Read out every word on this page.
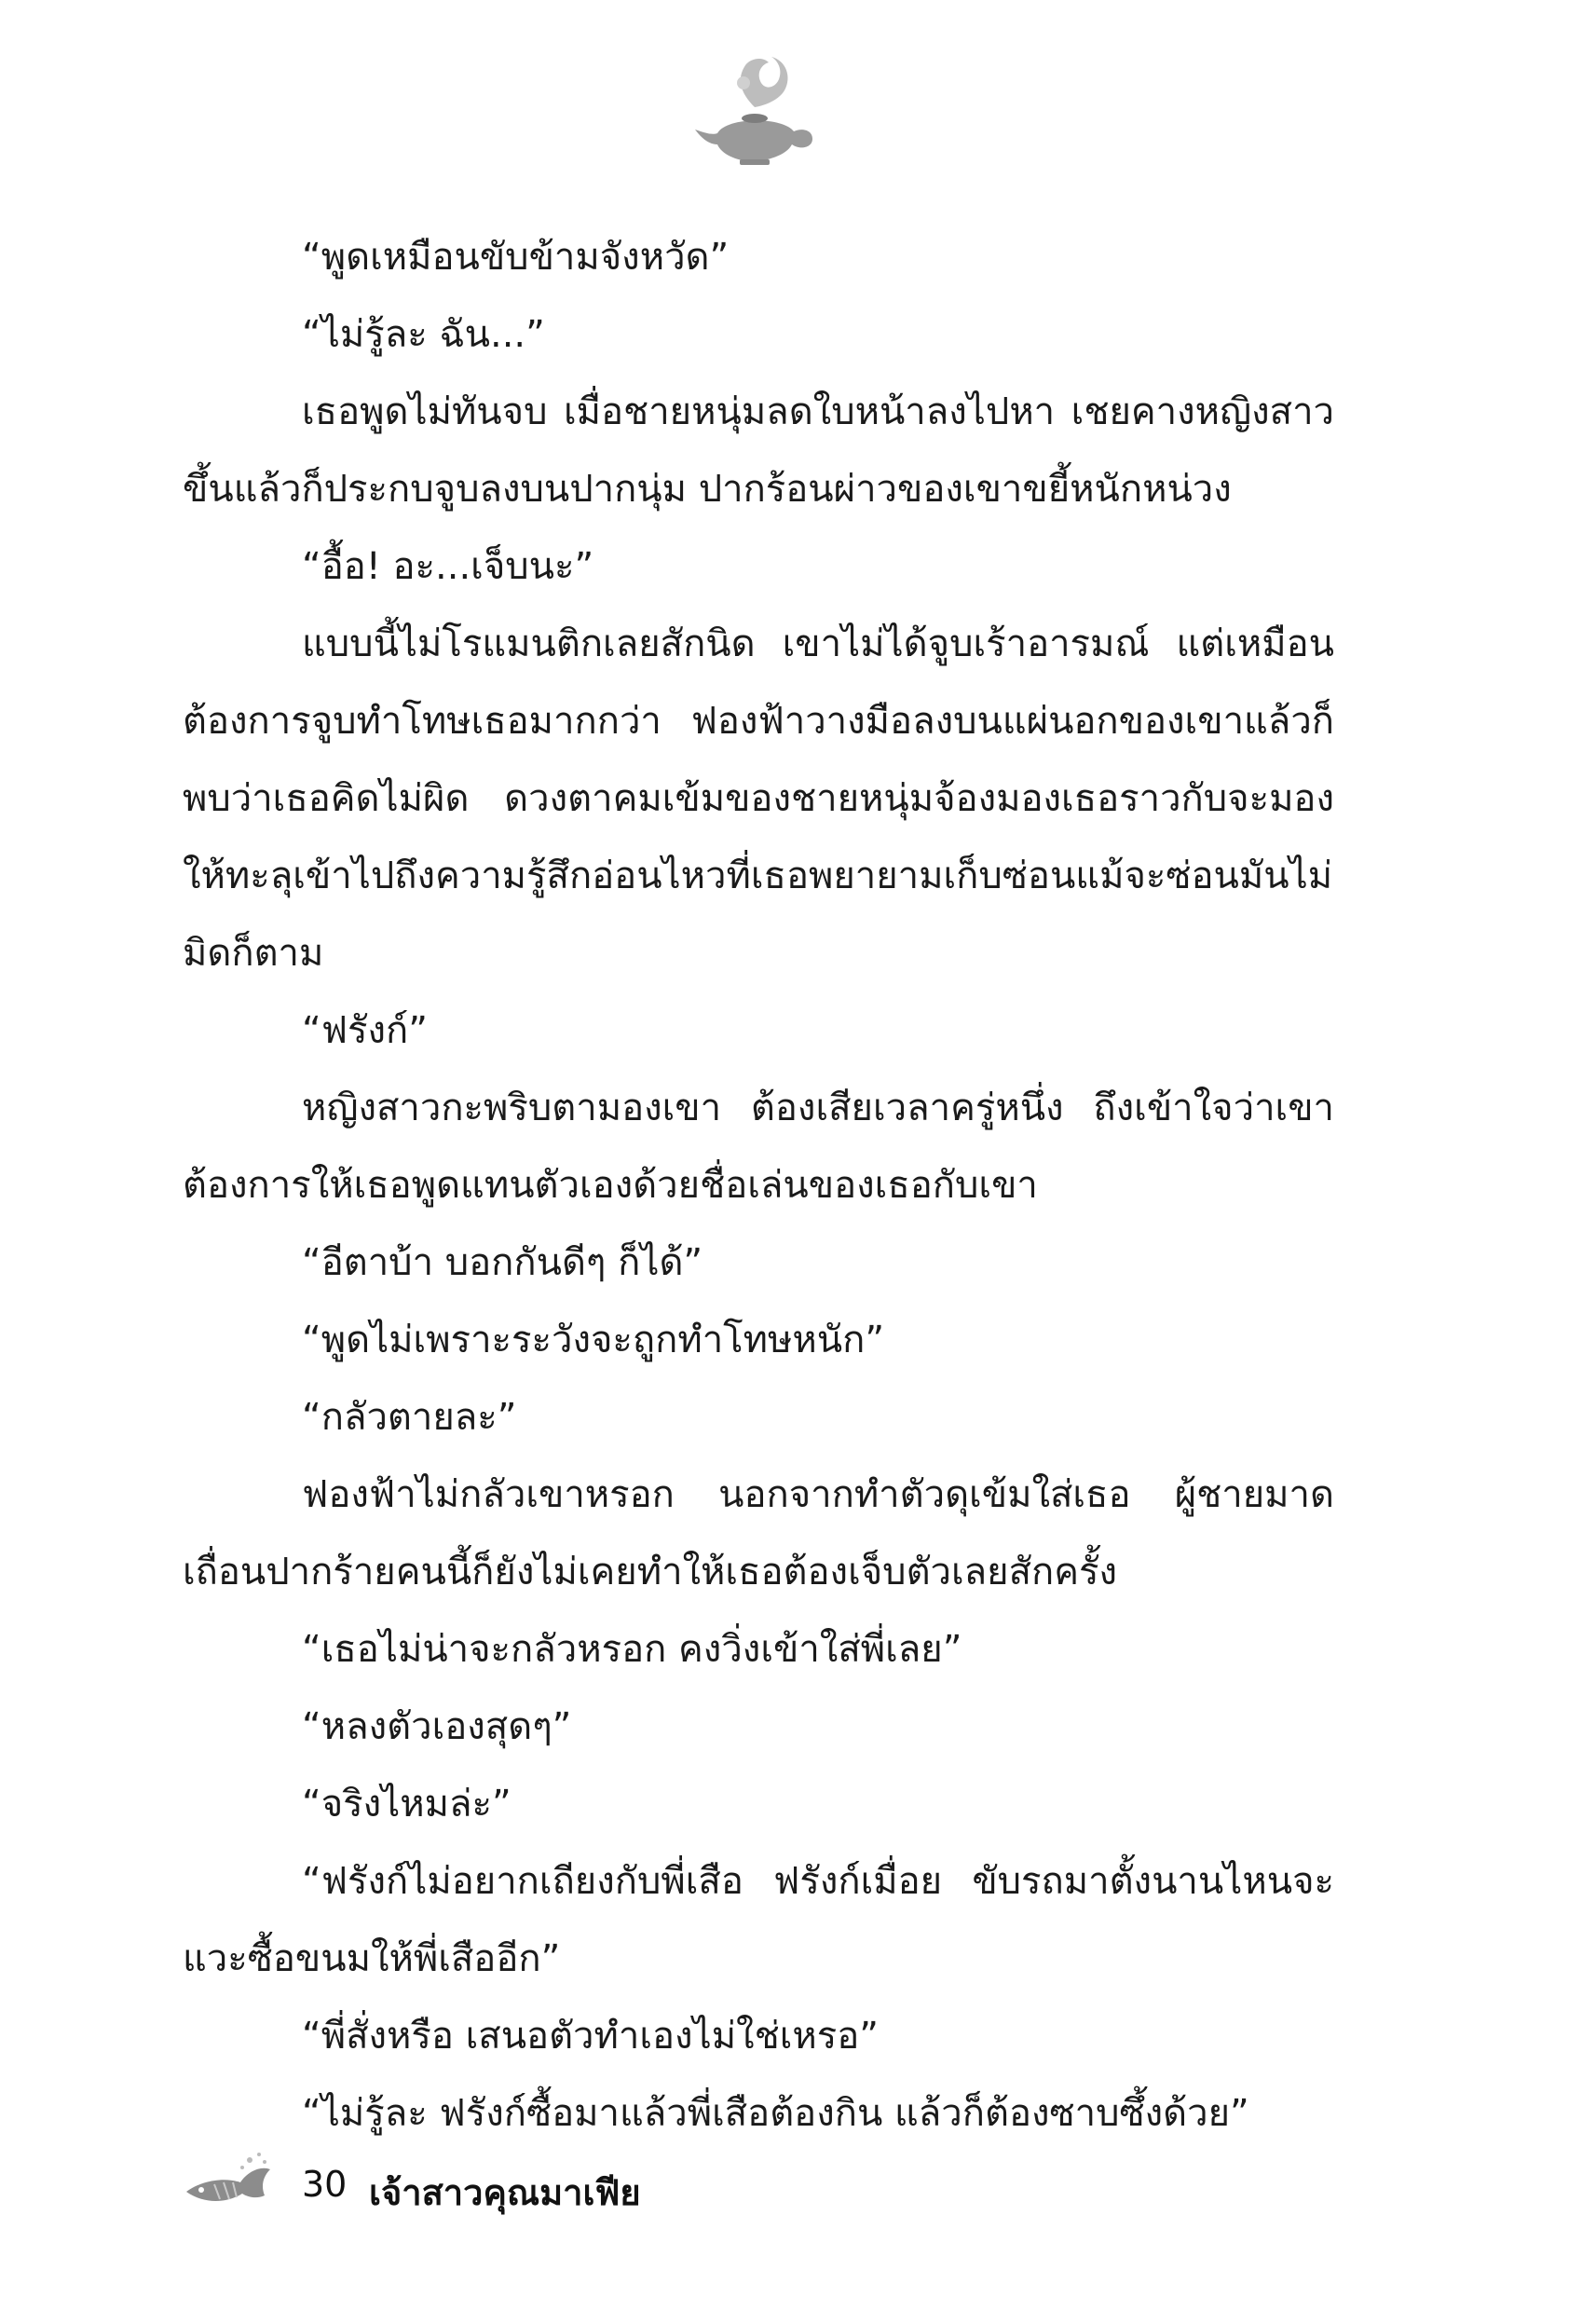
“พูดเหมือนขับข้ามจังหวัด”

“ไม่รู้ละ ฉัน...”

เธอพูดไม่ทันจบ เมื่อชายหนุ่มลดใบหน้าลงไปหา เชยคางหญิงสาวขึ้นแล้วก็ประกบจูบลงบนปากนุ่ม ปากร้อนผ่าวของเขาขยี้หนักหน่วง

“อื้อ! อะ...เจ็บนะ”

แบบนี้ไม่โรแมนติกเลยสักนิด เขาไม่ได้จูบเร้าอารมณ์ แต่เหมือนต้องการจูบทำโทษเธอมากกว่า ฟองฟ้าวางมือลงบนแผ่นอกของเขาแล้วก็พบว่าเธอคิดไม่ผิด ดวงตาคมเข้มของชายหนุ่มจ้องมองเธอราวกับจะมองให้ทะลุเข้าไปถึงความรู้สึกอ่อนไหวที่เธอพยายามเก็บซ่อนแม้จะซ่อนมันไม่มิดก็ตาม

“ฟรังก์”

หญิงสาวกะพริบตามองเขา ต้องเสียเวลาครู่หนึ่ง ถึงเข้าใจว่าเขาต้องการให้เธอพูดแทนตัวเองด้วยชื่อเล่นของเธอกับเขา

“อีตาบ้า บอกกันดีๆ ก็ได้”

“พูดไม่เพราะระวังจะถูกทำโทษหนัก”

“กลัวตายละ”

ฟองฟ้าไม่กลัวเขาหรอก นอกจากทำตัวดุเข้มใส่เธอ ผู้ชายมาดเถื่อนปากร้ายคนนี้ก็ยังไม่เคยทำให้เธอต้องเจ็บตัวเลยสักครั้ง

“เธอไม่น่าจะกลัวหรอก คงวิ่งเข้าใส่พี่เลย”

“หลงตัวเองสุดๆ”

“จริงไหมล่ะ”

“ฟรังก์ไม่อยากเถียงกับพี่เสือ ฟรังก์เมื่อย ขับรถมาตั้งนานไหนจะแวะซื้อขนมให้พี่เสืออีก”

“พี่สั่งหรือ เสนอตัวทำเองไม่ใช่เหรอ”

“ไม่รู้ละ ฟรังก์ซื้อมาแล้วพี่เสือต้องกิน แล้วก็ต้องซาบซึ้งด้วย”

30 เจ้าสาวคุณมาเฟีย
